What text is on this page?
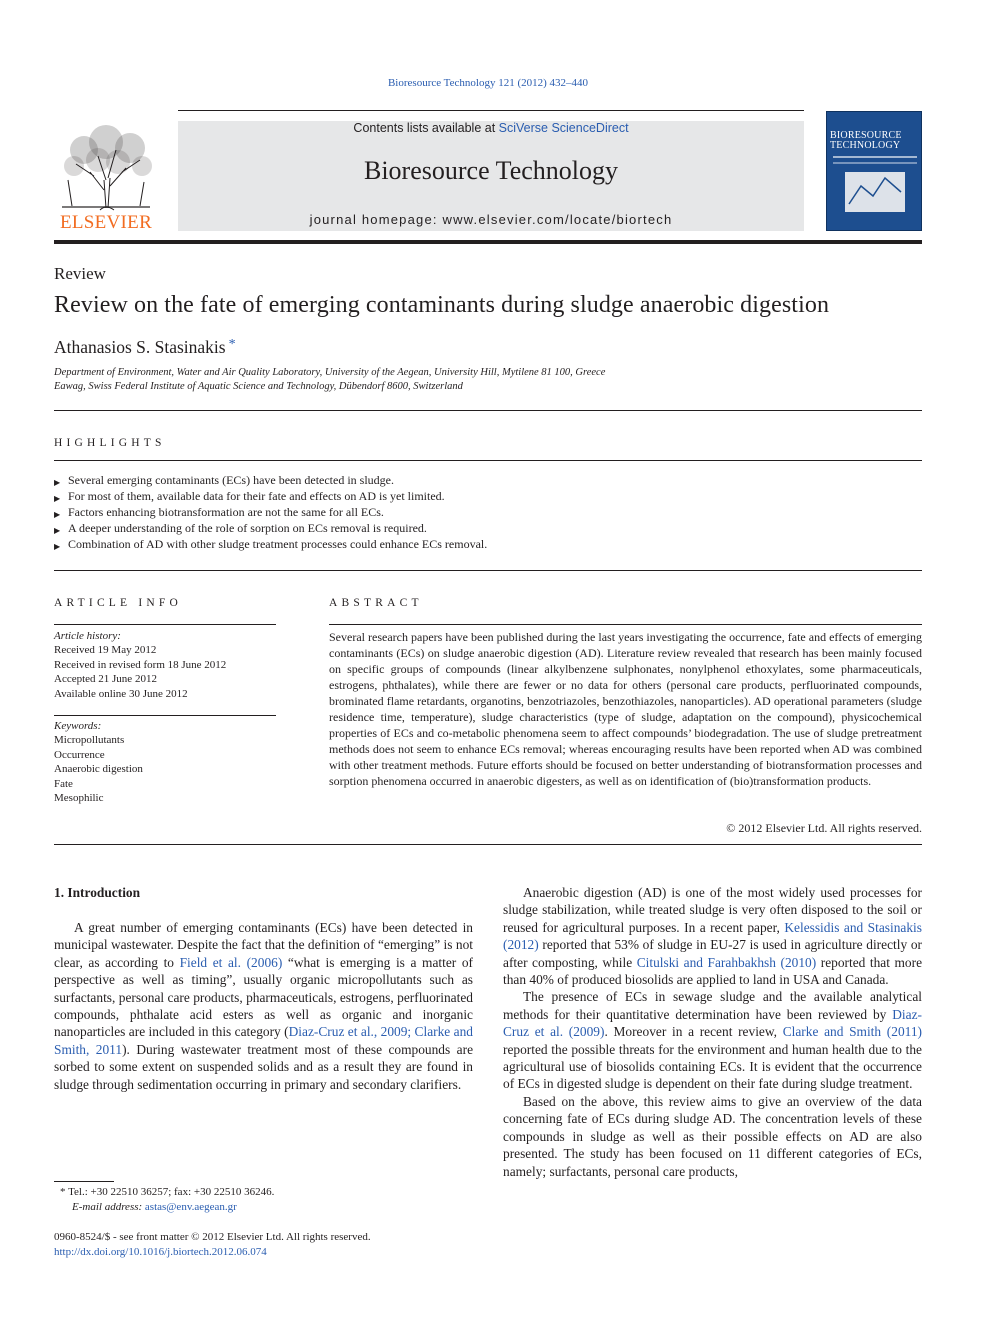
Bioresource Technology 121 (2012) 432–440
ELSEVIER
Contents lists available at SciVerse ScienceDirect
Bioresource Technology
journal homepage: www.elsevier.com/locate/biortech
BIORESOURCE TECHNOLOGY
Review
Review on the fate of emerging contaminants during sludge anaerobic digestion
Athanasios S. Stasinakis *
Department of Environment, Water and Air Quality Laboratory, University of the Aegean, University Hill, Mytilene 81 100, Greece
Eawag, Swiss Federal Institute of Aquatic Science and Technology, Dübendorf 8600, Switzerland
HIGHLIGHTS
▶ Several emerging contaminants (ECs) have been detected in sludge.
▶ For most of them, available data for their fate and effects on AD is yet limited.
▶ Factors enhancing biotransformation are not the same for all ECs.
▶ A deeper understanding of the role of sorption on ECs removal is required.
▶ Combination of AD with other sludge treatment processes could enhance ECs removal.
ARTICLE INFO
Article history:
Received 19 May 2012
Received in revised form 18 June 2012
Accepted 21 June 2012
Available online 30 June 2012
Keywords:
Micropollutants
Occurrence
Anaerobic digestion
Fate
Mesophilic
ABSTRACT
Several research papers have been published during the last years investigating the occurrence, fate and effects of emerging contaminants (ECs) on sludge anaerobic digestion (AD). Literature review revealed that research has been mainly focused on specific groups of compounds (linear alkylbenzene sulphonates, nonylphenol ethoxylates, some pharmaceuticals, estrogens, phthalates), while there are fewer or no data for others (personal care products, perfluorinated compounds, brominated flame retardants, organotins, benzotriazoles, benzothiazoles, nanoparticles). AD operational parameters (sludge residence time, temperature), sludge characteristics (type of sludge, adaptation on the compound), physicochemical properties of ECs and co-metabolic phenomena seem to affect compounds’ biodegradation. The use of sludge pretreatment methods does not seem to enhance ECs removal; whereas encouraging results have been reported when AD was combined with other treatment methods. Future efforts should be focused on better understanding of biotransformation processes and sorption phenomena occurred in anaerobic digesters, as well as on identification of (bio)transformation products.
© 2012 Elsevier Ltd. All rights reserved.
1. Introduction

A great number of emerging contaminants (ECs) have been detected in municipal wastewater. Despite the fact that the definition of “emerging” is not clear, as according to Field et al. (2006) “what is emerging is a matter of perspective as well as timing”, usually organic micropollutants such as surfactants, personal care products, pharmaceuticals, estrogens, perfluorinated compounds, phthalate acid esters as well as organic and inorganic nanoparticles are included in this category (Diaz-Cruz et al., 2009; Clarke and Smith, 2011). During wastewater treatment most of these compounds are sorbed to some extent on suspended solids and as a result they are found in sludge through sedimentation occurring in primary and secondary clarifiers.

Anaerobic digestion (AD) is one of the most widely used processes for sludge stabilization, while treated sludge is very often disposed to the soil or reused for agricultural purposes. In a recent paper, Kelessidis and Stasinakis (2012) reported that 53% of sludge in EU-27 is used in agriculture directly or after composting, while Citulski and Farahbakhsh (2010) reported that more than 40% of produced biosolids are applied to land in USA and Canada.

The presence of ECs in sewage sludge and the available analytical methods for their quantitative determination have been reviewed by Diaz-Cruz et al. (2009). Moreover in a recent review, Clarke and Smith (2011) reported the possible threats for the environment and human health due to the agricultural use of biosolids containing ECs. It is evident that the occurrence of ECs in digested sludge is dependent on their fate during sludge treatment.

Based on the above, this review aims to give an overview of the data concerning fate of ECs during sludge AD. The concentration levels of these compounds in sludge as well as their possible effects on AD are also presented. The study has been focused on 11 different categories of ECs, namely; surfactants, personal care products,

* Tel.: +30 22510 36257; fax: +30 22510 36246.
E-mail address: astas@env.aegean.gr
0960-8524/$ - see front matter © 2012 Elsevier Ltd. All rights reserved.
http://dx.doi.org/10.1016/j.biortech.2012.06.074
